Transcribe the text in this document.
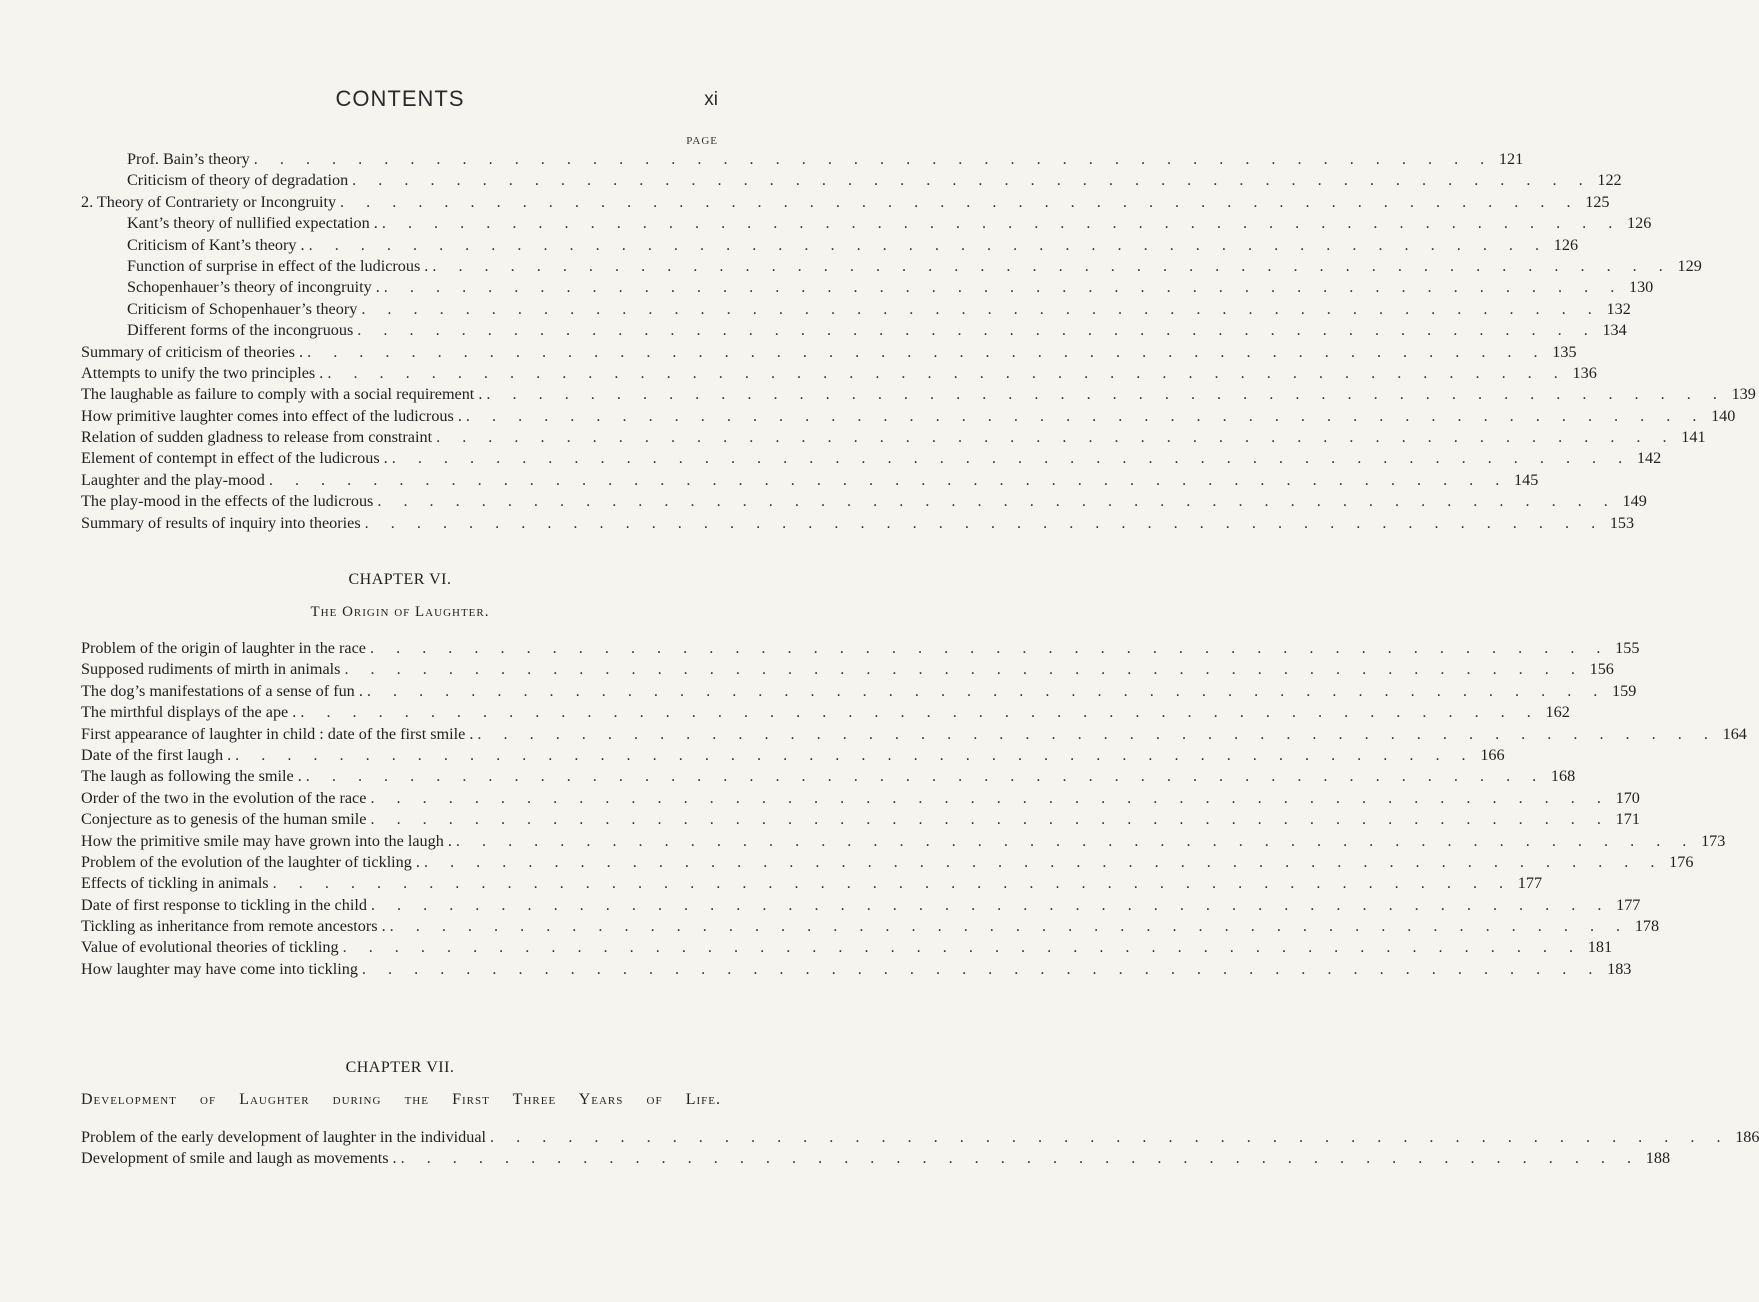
CONTENTS	xi
PAGE
Prof. Bain’s theory . . . . . . . . . . . . . . . . . . . . . . . . . . . . . . . . . . . . . . . . . . . . . . . . 121
Criticism of theory of degradation . . . . . . . . . . . . . . . . . . . . . . . . . . . . . . . . . . . . . . . . . . . . . . . . 122
2. Theory of Contrariety or Incongruity . . . . . . . . . . . . . . . . . . . . . . . . . . . . . . . . . . . . . . . . . . . . . . . . 125
Kant’s theory of nullified expectation . . . . . . . . . . . . . . . . . . . . . . . . . . . . . . . . . . . . . . . . . . . . . . . . . 126
Criticism of Kant’s theory . . . . . . . . . . . . . . . . . . . . . . . . . . . . . . . . . . . . . . . . . . . . . . . . . 126
Function of surprise in effect of the ludicrous . . . . . . . . . . . . . . . . . . . . . . . . . . . . . . . . . . . . . . . . . . . . . . . . . 129
Schopenhauer’s theory of incongruity . . . . . . . . . . . . . . . . . . . . . . . . . . . . . . . . . . . . . . . . . . . . . . . . . 130
Criticism of Schopenhauer’s theory . . . . . . . . . . . . . . . . . . . . . . . . . . . . . . . . . . . . . . . . . . . . . . . . 132
Different forms of the incongruous . . . . . . . . . . . . . . . . . . . . . . . . . . . . . . . . . . . . . . . . . . . . . . . . 134
Summary of criticism of theories . . . . . . . . . . . . . . . . . . . . . . . . . . . . . . . . . . . . . . . . . . . . . . . . . 135
Attempts to unify the two principles . . . . . . . . . . . . . . . . . . . . . . . . . . . . . . . . . . . . . . . . . . . . . . . . . 136
The laughable as failure to comply with a social requirement . . . . . . . . . . . . . . . . . . . . . . . . . . . . . . . . . . . . . . . . . . . . . . . . . 139
How primitive laughter comes into effect of the ludicrous . . . . . . . . . . . . . . . . . . . . . . . . . . . . . . . . . . . . . . . . . . . . . . . . . 140
Relation of sudden gladness to release from constraint . . . . . . . . . . . . . . . . . . . . . . . . . . . . . . . . . . . . . . . . . . . . . . . . 141
Element of contempt in effect of the ludicrous . . . . . . . . . . . . . . . . . . . . . . . . . . . . . . . . . . . . . . . . . . . . . . . . . 142
Laughter and the play-mood . . . . . . . . . . . . . . . . . . . . . . . . . . . . . . . . . . . . . . . . . . . . . . . . 145
The play-mood in the effects of the ludicrous . . . . . . . . . . . . . . . . . . . . . . . . . . . . . . . . . . . . . . . . . . . . . . . . 149
Summary of results of inquiry into theories . . . . . . . . . . . . . . . . . . . . . . . . . . . . . . . . . . . . . . . . . . . . . . . . 153
CHAPTER VI.
The Origin of Laughter.
Problem of the origin of laughter in the race . . . . . . . . . . . . . . . . . . . . . . . . . . . . . . . . . . . . . . . . . . . . . . . . 155
Supposed rudiments of mirth in animals . . . . . . . . . . . . . . . . . . . . . . . . . . . . . . . . . . . . . . . . . . . . . . . . 156
The dog’s manifestations of a sense of fun . . . . . . . . . . . . . . . . . . . . . . . . . . . . . . . . . . . . . . . . . . . . . . . . . 159
The mirthful displays of the ape . . . . . . . . . . . . . . . . . . . . . . . . . . . . . . . . . . . . . . . . . . . . . . . . . 162
First appearance of laughter in child : date of the first smile . . . . . . . . . . . . . . . . . . . . . . . . . . . . . . . . . . . . . . . . . . . . . . . . . 164
Date of the first laugh . . . . . . . . . . . . . . . . . . . . . . . . . . . . . . . . . . . . . . . . . . . . . . . . . 166
The laugh as following the smile . . . . . . . . . . . . . . . . . . . . . . . . . . . . . . . . . . . . . . . . . . . . . . . . . 168
Order of the two in the evolution of the race . . . . . . . . . . . . . . . . . . . . . . . . . . . . . . . . . . . . . . . . . . . . . . . . 170
Conjecture as to genesis of the human smile . . . . . . . . . . . . . . . . . . . . . . . . . . . . . . . . . . . . . . . . . . . . . . . . 171
How the primitive smile may have grown into the laugh . . . . . . . . . . . . . . . . . . . . . . . . . . . . . . . . . . . . . . . . . . . . . . . . . 173
Problem of the evolution of the laughter of tickling . . . . . . . . . . . . . . . . . . . . . . . . . . . . . . . . . . . . . . . . . . . . . . . . . 176
Effects of tickling in animals . . . . . . . . . . . . . . . . . . . . . . . . . . . . . . . . . . . . . . . . . . . . . . . . 177
Date of first response to tickling in the child . . . . . . . . . . . . . . . . . . . . . . . . . . . . . . . . . . . . . . . . . . . . . . . . 177
Tickling as inheritance from remote ancestors . . . . . . . . . . . . . . . . . . . . . . . . . . . . . . . . . . . . . . . . . . . . . . . . . 178
Value of evolutional theories of tickling . . . . . . . . . . . . . . . . . . . . . . . . . . . . . . . . . . . . . . . . . . . . . . . . 181
How laughter may have come into tickling . . . . . . . . . . . . . . . . . . . . . . . . . . . . . . . . . . . . . . . . . . . . . . . . 183
CHAPTER VII.
Development of Laughter during the First Three Years of Life.
Problem of the early development of laughter in the individual . . . . . . . . . . . . . . . . . . . . . . . . . . . . . . . . . . . . . . . . . . . . . . . . 186
Development of smile and laugh as movements . . . . . . . . . . . . . . . . . . . . . . . . . . . . . . . . . . . . . . . . . . . . . . . . . 188
